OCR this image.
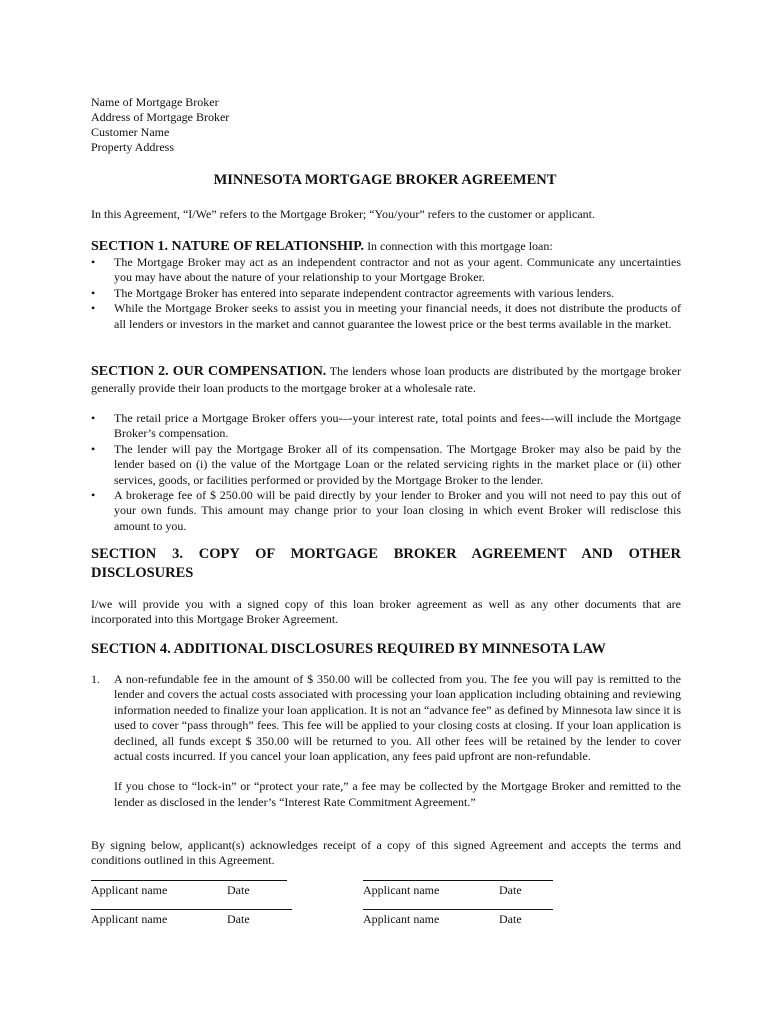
Name of Mortgage Broker
Address of Mortgage Broker
Customer Name
Property Address
MINNESOTA MORTGAGE BROKER AGREEMENT

In this Agreement, “I/We” refers to the Mortgage Broker; “You/your” refers to the customer or applicant.

SECTION 1. NATURE OF RELATIONSHIP. In connection with this mortgage loan:
• The Mortgage Broker may act as an independent contractor and not as your agent. Communicate any uncertainties you may have about the nature of your relationship to your Mortgage Broker.
• The Mortgage Broker has entered into separate independent contractor agreements with various lenders.
• While the Mortgage Broker seeks to assist you in meeting your financial needs, it does not distribute the products of all lenders or investors in the market and cannot guarantee the lowest price or the best terms available in the market.

SECTION 2. OUR COMPENSATION. The lenders whose loan products are distributed by the mortgage broker generally provide their loan products to the mortgage broker at a wholesale rate.

• The retail price a Mortgage Broker offers you-–-your interest rate, total points and fees-–-will include the Mortgage Broker’s compensation.
• The lender will pay the Mortgage Broker all of its compensation. The Mortgage Broker may also be paid by the lender based on (i) the value of the Mortgage Loan or the related servicing rights in the market place or (ii) other services, goods, or facilities performed or provided by the Mortgage Broker to the lender.
• A brokerage fee of $ 250.00 will be paid directly by your lender to Broker and you will not need to pay this out of your own funds. This amount may change prior to your loan closing in which event Broker will redisclose this amount to you.

SECTION 3. COPY OF MORTGAGE BROKER AGREEMENT AND OTHER DISCLOSURES

I/we will provide you with a signed copy of this loan broker agreement as well as any other documents that are incorporated into this Mortgage Broker Agreement.

SECTION 4. ADDITIONAL DISCLOSURES REQUIRED BY MINNESOTA LAW
1. A non-refundable fee in the amount of $ 350.00 will be collected from you. The fee you will pay is remitted to the lender and covers the actual costs associated with processing your loan application including obtaining and reviewing information needed to finalize your loan application. It is not an “advance fee” as defined by Minnesota law since it is used to cover “pass through” fees. This fee will be applied to your closing costs at closing. If your loan application is declined, all funds except $ 350.00 will be returned to you. All other fees will be retained by the lender to cover actual costs incurred. If you cancel your loan application, any fees paid upfront are non-refundable.
If you chose to “lock-in” or “protect your rate,” a fee may be collected by the Mortgage Broker and remitted to the lender as disclosed in the lender’s “Interest Rate Commitment Agreement.”

By signing below, applicant(s) acknowledges receipt of a copy of this signed Agreement and accepts the terms and conditions outlined in this Agreement.

Applicant name	Date	Applicant name	Date
Applicant name	Date	Applicant name	Date
